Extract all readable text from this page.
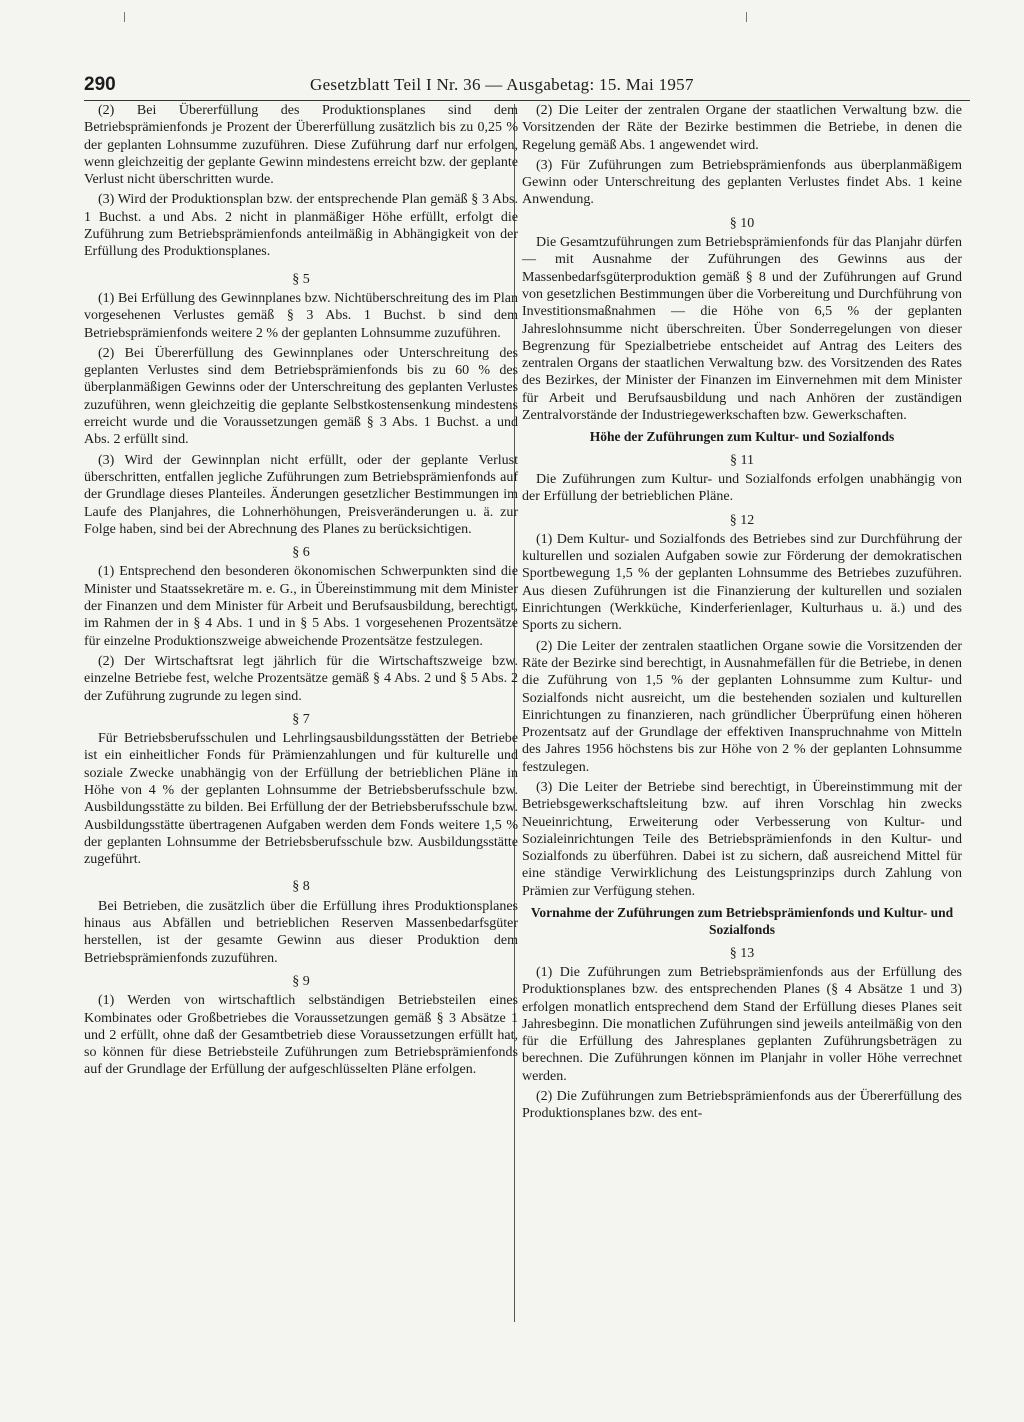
290	Gesetzblatt Teil I Nr. 36 — Ausgabetag: 15. Mai 1957

(2) Bei Übererfüllung des Produktionsplanes sind dem Betriebsprämienfonds je Prozent der Übererfüllung zusätzlich bis zu 0,25 % der geplanten Lohnsumme zuzuführen. Diese Zuführung darf nur erfolgen, wenn gleichzeitig der geplante Gewinn mindestens erreicht bzw. der geplante Verlust nicht überschritten wurde.

(3) Wird der Produktionsplan bzw. der entsprechende Plan gemäß § 3 Abs. 1 Buchst. a und Abs. 2 nicht in planmäßiger Höhe erfüllt, erfolgt die Zuführung zum Betriebsprämienfonds anteilmäßig in Abhängigkeit von der Erfüllung des Produktionsplanes.

§ 5

(1) Bei Erfüllung des Gewinnplanes bzw. Nichtüberschreitung des im Plan vorgesehenen Verlustes gemäß § 3 Abs. 1 Buchst. b sind dem Betriebsprämienfonds weitere 2 % der geplanten Lohnsumme zuzuführen.

(2) Bei Übererfüllung des Gewinnplanes oder Unterschreitung des geplanten Verlustes sind dem Betriebsprämienfonds bis zu 60 % des überplanmäßigen Gewinns oder der Unterschreitung des geplanten Verlustes zuzuführen, wenn gleichzeitig die geplante Selbstkostensenkung mindestens erreicht wurde und die Voraussetzungen gemäß § 3 Abs. 1 Buchst. a und Abs. 2 erfüllt sind.

(3) Wird der Gewinnplan nicht erfüllt, oder der geplante Verlust überschritten, entfallen jegliche Zuführungen zum Betriebsprämienfonds auf der Grundlage dieses Planteiles. Änderungen gesetzlicher Bestimmungen im Laufe des Planjahres, die Lohnerhöhungen, Preisveränderungen u. ä. zur Folge haben, sind bei der Abrechnung des Planes zu berücksichtigen.

§ 6

(1) Entsprechend den besonderen ökonomischen Schwerpunkten sind die Minister und Staatssekretäre m. e. G., in Übereinstimmung mit dem Minister der Finanzen und dem Minister für Arbeit und Berufsausbildung, berechtigt, im Rahmen der in § 4 Abs. 1 und in § 5 Abs. 1 vorgesehenen Prozentsätze für einzelne Produktionszweige abweichende Prozentsätze festzulegen.

(2) Der Wirtschaftsrat legt jährlich für die Wirtschaftszweige bzw. einzelne Betriebe fest, welche Prozentsätze gemäß § 4 Abs. 2 und § 5 Abs. 2 der Zuführung zugrunde zu legen sind.

§ 7

Für Betriebsberufsschulen und Lehrlingsausbildungsstätten der Betriebe ist ein einheitlicher Fonds für Prämienzahlungen und für kulturelle und soziale Zwecke unabhängig von der Erfüllung der betrieblichen Pläne in Höhe von 4 % der geplanten Lohnsumme der Betriebsberufsschule bzw. Ausbildungsstätte zu bilden. Bei Erfüllung der der Betriebsberufsschule bzw. Ausbildungsstätte übertragenen Aufgaben werden dem Fonds weitere 1,5 % der geplanten Lohnsumme der Betriebsberufsschule bzw. Ausbildungsstätte zugeführt.

§ 8

Bei Betrieben, die zusätzlich über die Erfüllung ihres Produktionsplanes hinaus aus Abfällen und betrieblichen Reserven Massenbedarfsgüter herstellen, ist der gesamte Gewinn aus dieser Produktion dem Betriebsprämienfonds zuzuführen.

§ 9

(1) Werden von wirtschaftlich selbständigen Betriebsteilen eines Kombinates oder Großbetriebes die Voraussetzungen gemäß § 3 Absätze 1 und 2 erfüllt, ohne daß der Gesamtbetrieb diese Voraussetzungen erfüllt hat, so können für diese Betriebsteile Zuführungen zum Betriebsprämienfonds auf der Grundlage der Erfüllung der aufgeschlüsselten Pläne erfolgen.

(2) Die Leiter der zentralen Organe der staatlichen Verwaltung bzw. die Vorsitzenden der Räte der Bezirke bestimmen die Betriebe, in denen die Regelung gemäß Abs. 1 angewendet wird.

(3) Für Zuführungen zum Betriebsprämienfonds aus überplanmäßigem Gewinn oder Unterschreitung des geplanten Verlustes findet Abs. 1 keine Anwendung.

§ 10

Die Gesamtzuführungen zum Betriebsprämienfonds für das Planjahr dürfen — mit Ausnahme der Zuführungen des Gewinns aus der Massenbedarfsgüterproduktion gemäß § 8 und der Zuführungen auf Grund von gesetzlichen Bestimmungen über die Vorbereitung und Durchführung von Investitionsmaßnahmen — die Höhe von 6,5 % der geplanten Jahreslohnsumme nicht überschreiten. Über Sonderregelungen von dieser Begrenzung für Spezialbetriebe entscheidet auf Antrag des Leiters des zentralen Organs der staatlichen Verwaltung bzw. des Vorsitzenden des Rates des Bezirkes, der Minister der Finanzen im Einvernehmen mit dem Minister für Arbeit und Berufsausbildung und nach Anhören der zuständigen Zentralvorstände der Industriegewerkschaften bzw. Gewerkschaften.

Höhe der Zuführungen zum Kultur- und Sozialfonds
§ 11

Die Zuführungen zum Kultur- und Sozialfonds erfolgen unabhängig von der Erfüllung der betrieblichen Pläne.

§ 12

(1) Dem Kultur- und Sozialfonds des Betriebes sind zur Durchführung der kulturellen und sozialen Aufgaben sowie zur Förderung der demokratischen Sportbewegung 1,5 % der geplanten Lohnsumme des Betriebes zuzuführen. Aus diesen Zuführungen ist die Finanzierung der kulturellen und sozialen Einrichtungen (Werkküche, Kinderferienlager, Kulturhaus u. ä.) und des Sports zu sichern.

(2) Die Leiter der zentralen staatlichen Organe sowie die Vorsitzenden der Räte der Bezirke sind berechtigt, in Ausnahmefällen für die Betriebe, in denen die Zuführung von 1,5 % der geplanten Lohnsumme zum Kultur- und Sozialfonds nicht ausreicht, um die bestehenden sozialen und kulturellen Einrichtungen zu finanzieren, nach gründlicher Überprüfung einen höheren Prozentsatz auf der Grundlage der effektiven Inanspruchnahme von Mitteln des Jahres 1956 höchstens bis zur Höhe von 2 % der geplanten Lohnsumme festzulegen.

(3) Die Leiter der Betriebe sind berechtigt, in Übereinstimmung mit der Betriebsgewerkschaftsleitung bzw. auf ihren Vorschlag hin zwecks Neueinrichtung, Erweiterung oder Verbesserung von Kultur- und Sozialeinrichtungen Teile des Betriebsprämienfonds in den Kultur- und Sozialfonds zu überführen. Dabei ist zu sichern, daß ausreichend Mittel für eine ständige Verwirklichung des Leistungsprinzips durch Zahlung von Prämien zur Verfügung stehen.

Vornahme der Zuführungen zum Betriebsprämienfonds und Kultur- und Sozialfonds
§ 13

(1) Die Zuführungen zum Betriebsprämienfonds aus der Erfüllung des Produktionsplanes bzw. des entsprechenden Planes (§ 4 Absätze 1 und 3) erfolgen monatlich entsprechend dem Stand der Erfüllung dieses Planes seit Jahresbeginn. Die monatlichen Zuführungen sind jeweils anteilmäßig von den für die Erfüllung des Jahresplanes geplanten Zuführungsbeträgen zu berechnen. Die Zuführungen können im Planjahr in voller Höhe verrechnet werden.

(2) Die Zuführungen zum Betriebsprämienfonds aus der Übererfüllung des Produktionsplanes bzw. des ent-
